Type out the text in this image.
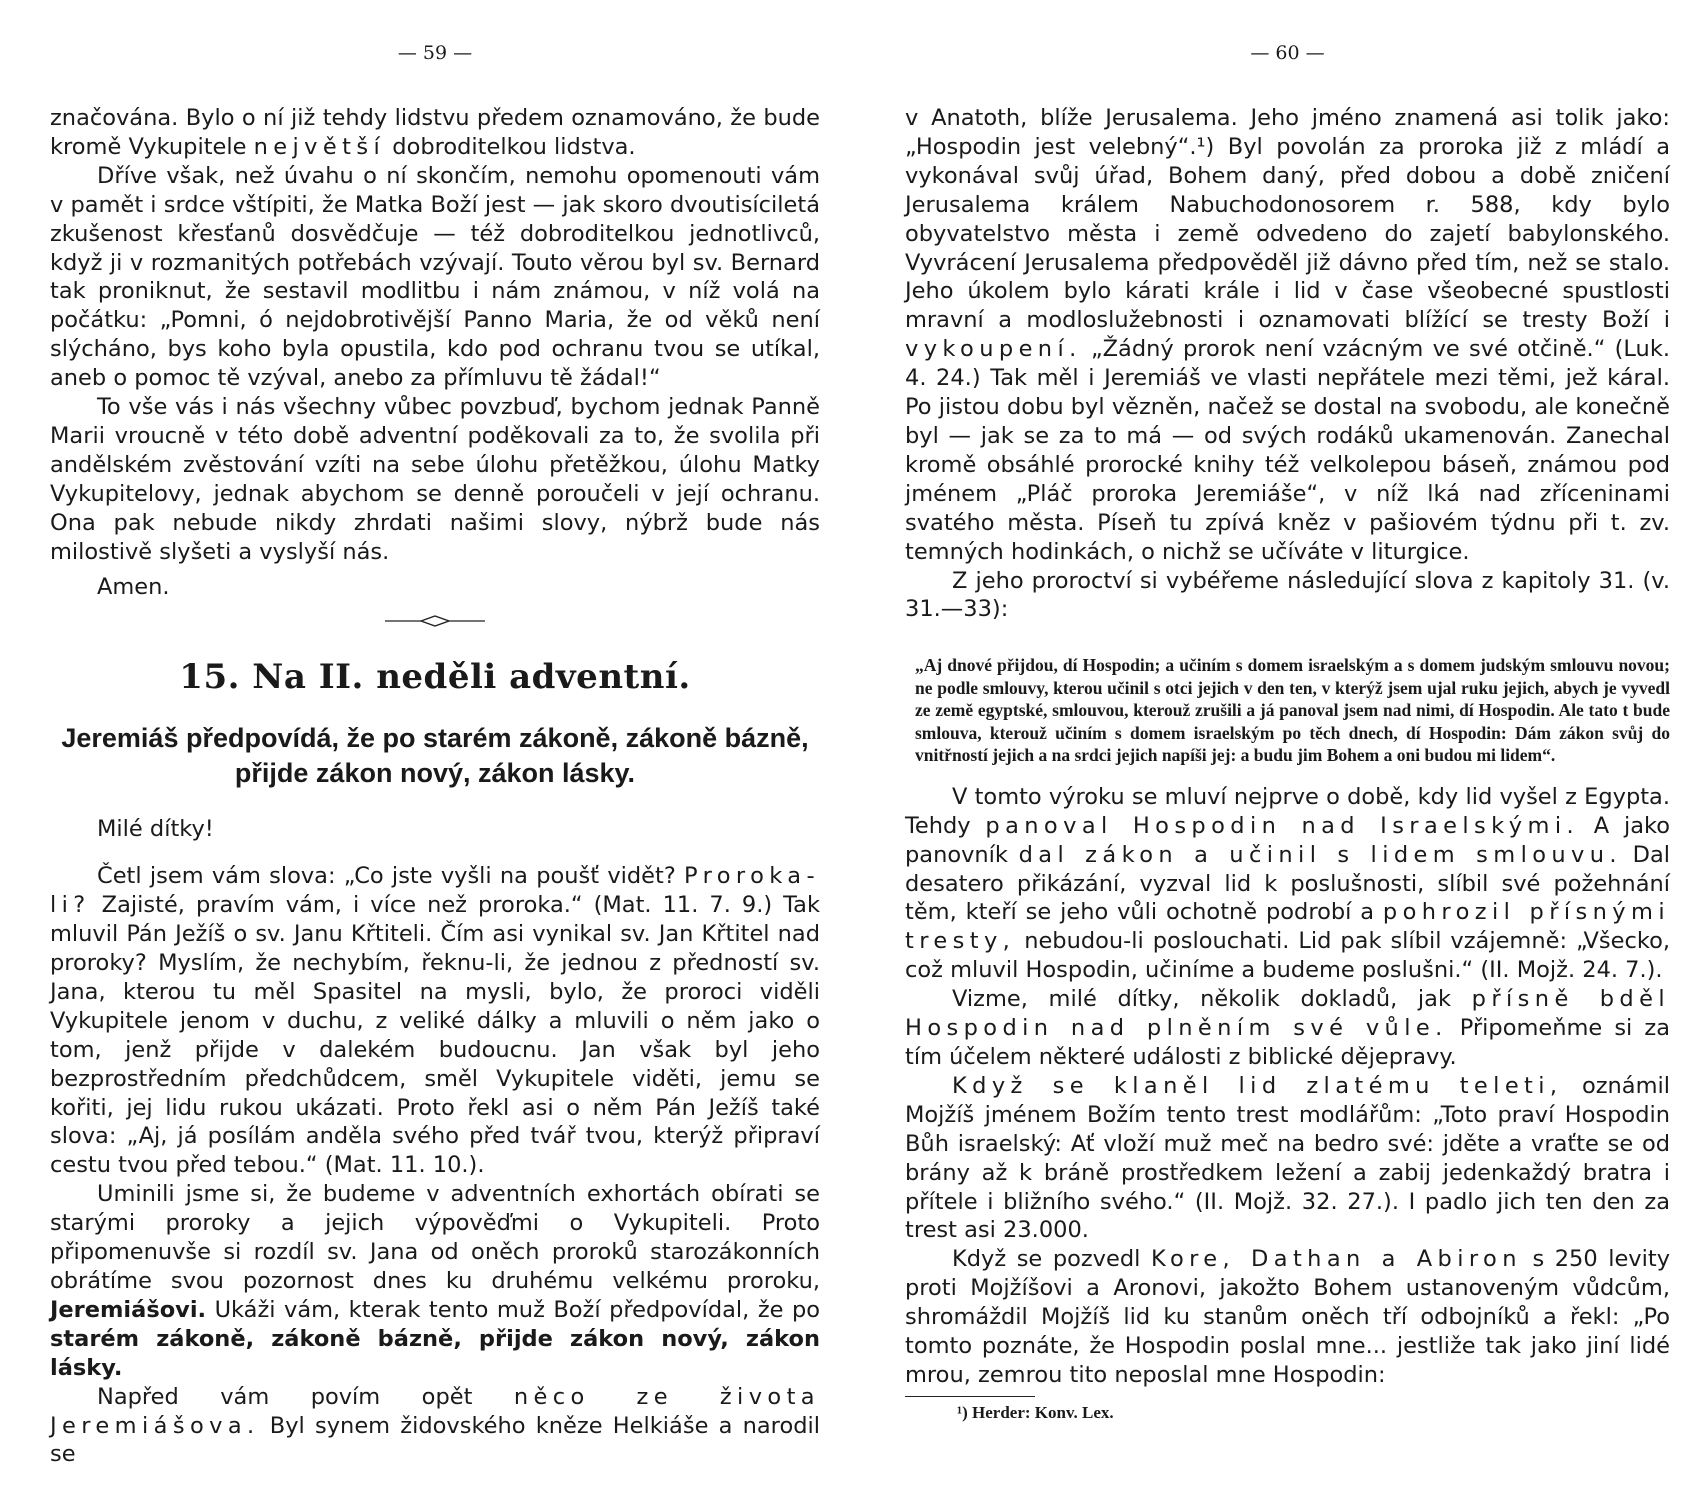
— 59 —

značována. Bylo o ní již tehdy lidstvu předem oznamováno, že bude kromě Vykupitele největší dobroditelkou lidstva.

Dříve však, než úvahu o ní skončím, nemohu opomenouti vám v pamět i srdce vštípiti, že Matka Boží jest — jak skoro dvoutisíciletá zkušenost křesťanů dosvědčuje — též dobroditelkou jednotlivců, když ji v rozmanitých potřebách vzývají. Touto věrou byl sv. Bernard tak proniknut, že sestavil modlitbu i nám známou, v níž volá na počátku: „Pomni, ó nejdobrotivější Panno Maria, že od věků není slýcháno, bys koho byla opustila, kdo pod ochranu tvou se utíkal, aneb o pomoc tě vzýval, anebo za přímluvu tě žádal!“

To vše vás i nás všechny vůbec povzbuď, bychom jednak Panně Marii vroucně v této době adventní poděkovali za to, že svolila při andělském zvěstování vzíti na sebe úlohu přetěžkou, úlohu Matky Vykupitelovy, jednak abychom se denně poroučeli v její ochranu. Ona pak nebude nikdy zhrdati našimi slovy, nýbrž bude nás milostivě slyšeti a vyslyší nás.

Amen.

15. Na II. neděli adventní.
Jeremiáš předpovídá, že po starém zákoně, zákoně bázně, přijde zákon nový, zákon lásky.

Milé dítky!

Četl jsem vám slova: „Co jste vyšli na poušť vidět? Proroka-li? Zajisté, pravím vám, i více než proroka.“ (Mat. 11. 7. 9.) Tak mluvil Pán Ježíš o sv. Janu Křtiteli. Čím asi vynikal sv. Jan Křtitel nad proroky? Myslím, že nechybím, řeknu-li, že jednou z předností sv. Jana, kterou tu měl Spasitel na mysli, bylo, že proroci viděli Vykupitele jenom v duchu, z veliké dálky a mluvili o něm jako o tom, jenž přijde v dalekém budoucnu. Jan však byl jeho bezprostředním předchůdcem, směl Vykupitele viděti, jemu se kořiti, jej lidu rukou ukázati. Proto řekl asi o něm Pán Ježíš také slova: „Aj, já posílám anděla svého před tvář tvou, kterýž připraví cestu tvou před tebou.“ (Mat. 11. 10.).

Uminili jsme si, že budeme v adventních exhortách obírati se starými proroky a jejich výpověďmi o Vykupiteli. Proto připomenuvše si rozdíl sv. Jana od oněch proroků starozákonních obrátíme svou pozornost dnes ku druhému velkému proroku, Jeremiášovi. Ukáži vám, kterak tento muž Boží předpovídal, že po starém zákoně, zákoně bázně, přijde zákon nový, zákon lásky.

Napřed vám povím opět něco ze života Jeremiášova. Byl synem židovského kněze Helkiáše a narodil se

— 60 —

v Anatoth, blíže Jerusalema. Jeho jméno znamená asi tolik jako: „Hospodin jest velebný“.¹) Byl povolán za proroka již z mládí a vykonával svůj úřad, Bohem daný, před dobou a době zničení Jerusalema králem Nabuchodonosorem r. 588, kdy bylo obyvatelstvo města i země odvedeno do zajetí babylonského. Vyvrácení Jerusalema předpověděl již dávno před tím, než se stalo. Jeho úkolem bylo kárati krále i lid v čase všeobecné spustlosti mravní a modloslužebnosti i oznamovati blížící se tresty Boží i vykoupení. „Žádný prorok není vzácným ve své otčině.“ (Luk. 4. 24.) Tak měl i Jeremiáš ve vlasti nepřátele mezi těmi, jež káral. Po jistou dobu byl vězněn, načež se dostal na svobodu, ale konečně byl — jak se za to má — od svých rodáků ukamenován. Zanechal kromě obsáhlé prorocké knihy též velkolepou báseň, známou pod jménem „Pláč proroka Jeremiáše“, v níž lká nad zříceninami svatého města. Píseň tu zpívá kněz v pašiovém týdnu při t. zv. temných hodinkách, o nichž se učíváte v liturgice.

Z jeho proroctví si vybéřeme následující slova z kapitoly 31. (v. 31.—33):

„Aj dnové přijdou, dí Hospodin; a učiním s domem israelským a s domem judským smlouvu novou; ne podle smlouvy, kterou učinil s otci jejich v den ten, v kterýž jsem ujal ruku jejich, abych je vyvedl ze země egyptské, smlouvou, kterouž zrušili a já panoval jsem nad nimi, dí Hospodin. Ale tato t bude smlouva, kterouž učiním s domem israelským po těch dnech, dí Hospodin: Dám zákon svůj do vnitřností jejich a na srdci jejich napíši jej: a budu jim Bohem a oni budou mi lidem“.

V tomto výroku se mluví nejprve o době, kdy lid vyšel z Egypta. Tehdy panoval Hospodin nad Israelskými. A jako panovník dal zákon a učinil s lidem smlouvu. Dal desatero přikázání, vyzval lid k poslušnosti, slíbil své požehnání těm, kteří se jeho vůli ochotně podrobí a pohrozil přísnými tresty, nebudou-li poslouchati. Lid pak slíbil vzájemně: „Všecko, což mluvil Hospodin, učiníme a budeme poslušni.“ (II. Mojž. 24. 7.).

Vizme, milé dítky, několik dokladů, jak přísně bděl Hospodin nad plněním své vůle. Připomeňme si za tím účelem některé události z biblické dějepravy.

Když se klaněl lid zlatému teleti, oznámil Mojžíš jménem Božím tento trest modlářům: „Toto praví Hospodin Bůh israelský: Ať vloží muž meč na bedro své: jděte a vraťte se od brány až k bráně prostředkem ležení a zabij jedenkaždý bratra i přítele i bližního svého.“ (II. Mojž. 32. 27.). I padlo jich ten den za trest asi 23.000.

Když se pozvedl Kore, Dathan a Abiron s 250 levity proti Mojžíšovi a Aronovi, jakožto Bohem ustanoveným vůdcům, shromáždil Mojžíš lid ku stanům oněch tří odbojníků a řekl: „Po tomto poznáte, že Hospodin poslal mne... jestliže tak jako jiní lidé mrou, zemrou tito neposlal mne Hospodin:

¹) Herder: Konv. Lex.
